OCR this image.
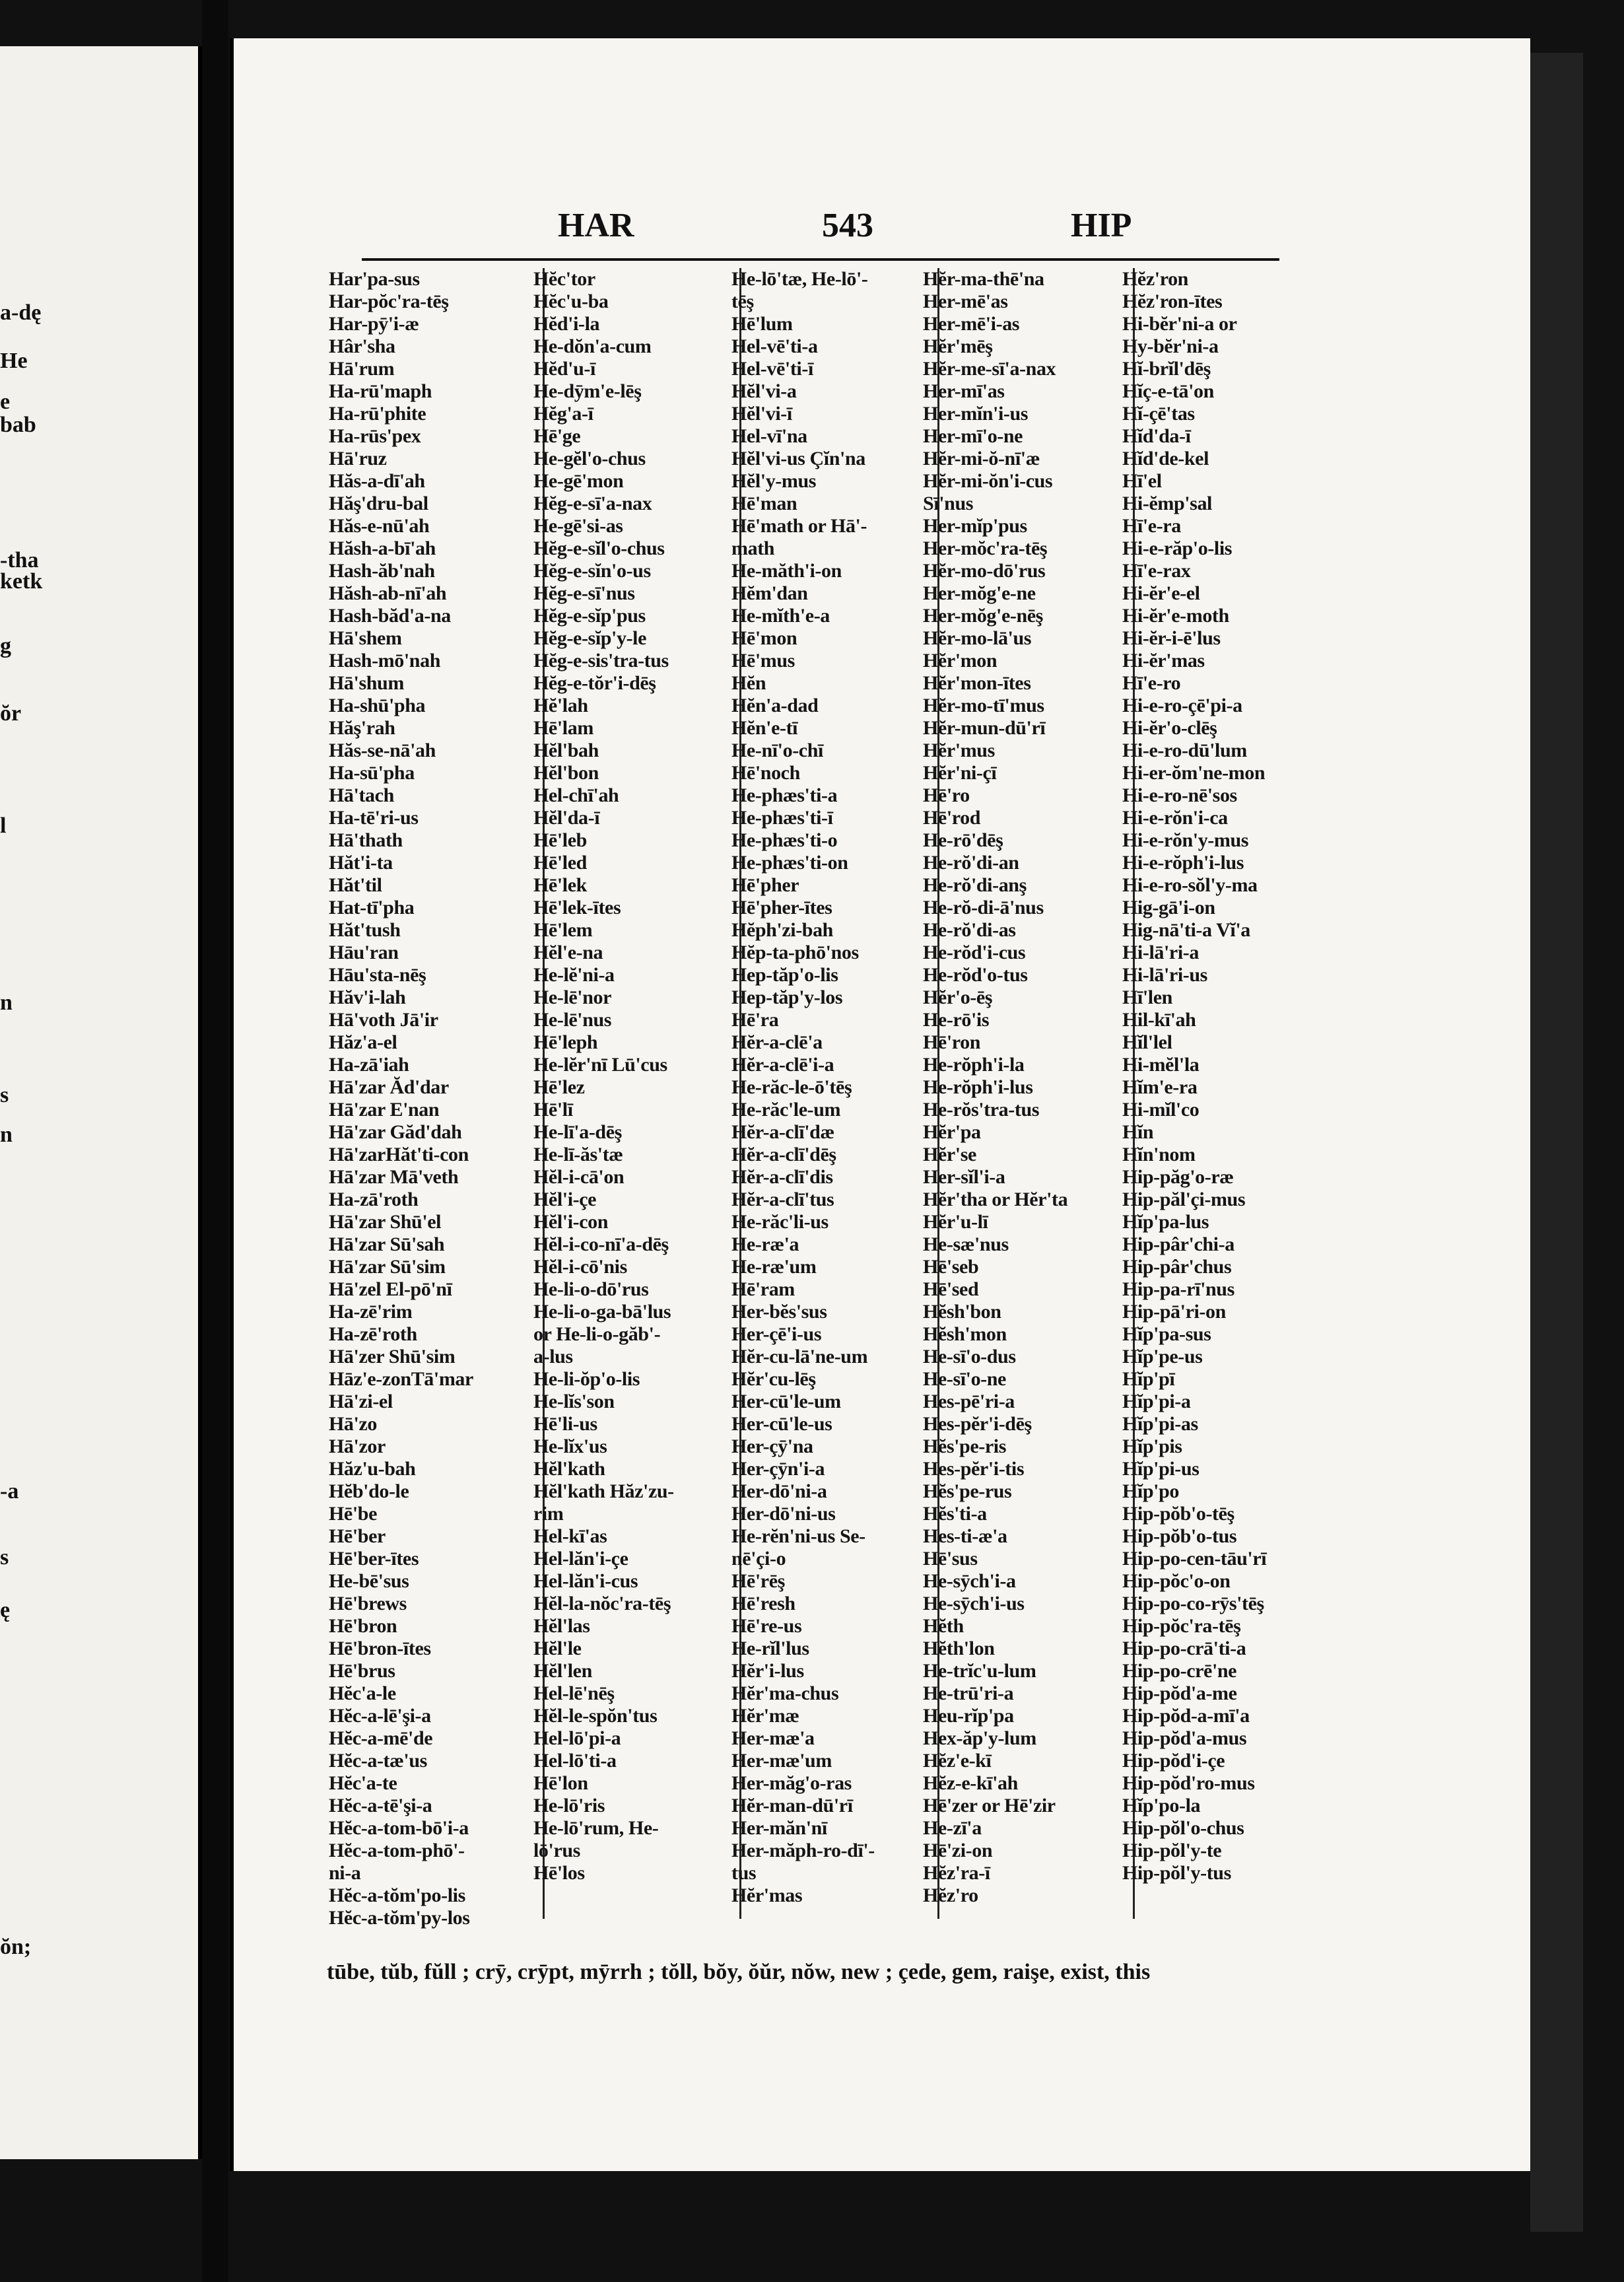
a-dę
He
e
bab
-tha
ketk
g
ŏr
l
n
s
n
-a
s
ę
ŏn;
HAR	543	HIP
Har'pa-sus
Har-pŏc'ra-tēş
Har-pȳ'i-æ
Hâr'sha
Hā'rum
Ha-rū'maph
Ha-rū'phite
Ha-rūs'pex
Hā'ruz
Hăs-a-dī'ah
Hăş'dru-bal
Hăs-e-nū'ah
Hăsh-a-bī'ah
Hash-ăb'nah
Hăsh-ab-nī'ah
Hash-băd'a-na
Hā'shem
Hash-mō'nah
Hā'shum
Ha-shū'pha
Hăş'rah
Hăs-se-nā'ah
Ha-sū'pha
Hā'tach
Ha-tē'ri-us
Hā'thath
Hăt'i-ta
Hăt'til
Hat-tī'pha
Hăt'tush
Hāu'ran
Hāu'sta-nēş
Hăv'i-lah
Hā'voth Jā'ir
Hăz'a-el
Ha-zā'iah
Hā'zar Ăd'dar
Hā'zar E'nan
Hā'zar Găd'dah
Hā'zarHăt'ti-con
Hā'zar Mā'veth
Ha-zā'roth
Hā'zar Shū'el
Hā'zar Sū'sah
Hā'zar Sū'sim
Hā'zel El-pō'nī
Ha-zē'rim
Ha-zē'roth
Hā'zer Shū'sim
Hāz'e-zonTā'mar
Hā'zi-el
Hā'zo
Hā'zor
Hăz'u-bah
Hĕb'do-le
Hē'be
Hē'ber
Hē'ber-ītes
He-bē'sus
Hē'brews
Hē'bron
Hē'bron-ītes
Hē'brus
Hĕc'a-le
Hĕc-a-lē'şi-a
Hĕc-a-mē'de
Hĕc-a-tæ'us
Hĕc'a-te
Hĕc-a-tē'şi-a
Hĕc-a-tom-bō'i-a
Hĕc-a-tom-phō'-
ni-a
Hĕc-a-tŏm'po-lis
Hĕc-a-tŏm'py-los
Hĕc'tor
Hĕc'u-ba
Hĕd'i-la
He-dŏn'a-cum
Hĕd'u-ī
He-dȳm'e-lēş
Hĕg'a-ī
Hē'ge
He-gĕl'o-chus
He-gē'mon
Hĕg-e-sī'a-nax
He-gē'si-as
Hĕg-e-sĭl'o-chus
Hĕg-e-sĭn'o-us
Hĕg-e-sī'nus
Hĕg-e-sĭp'pus
Hĕg-e-sĭp'y-le
Hĕg-e-sis'tra-tus
Hĕg-e-tŏr'i-dēş
Hĕ'lah
Hē'lam
Hĕl'bah
Hĕl'bon
Hel-chī'ah
Hĕl'da-ī
Hē'leb
Hē'led
Hē'lek
Hē'lek-ītes
Hē'lem
Hĕl'e-na
He-lĕ'ni-a
He-lē'nor
He-lē'nus
Hē'leph
He-lĕr'nī Lū'cus
Hē'lez
Hē'lī
He-lī'a-dēş
He-lī-ăs'tæ
Hĕl-i-cā'on
Hĕl'i-çe
Hĕl'i-con
Hĕl-i-co-nī'a-dēş
Hĕl-i-cō'nis
He-li-o-dō'rus
He-li-o-ga-bā'lus
or He-li-o-găb'-
a-lus
He-li-ŏp'o-lis
He-lĭs'son
Hē'li-us
He-lĭx'us
Hĕl'kath
Hĕl'kath Hăz'zu-
rim
Hel-kī'as
Hel-lăn'i-çe
Hel-lăn'i-cus
Hĕl-la-nŏc'ra-tēş
Hĕl'las
Hĕl'le
Hĕl'len
Hel-lē'nēş
Hĕl-le-spŏn'tus
Hel-lō'pi-a
Hel-lō'ti-a
Hē'lon
He-lō'ris
He-lō'rum, He-
lō'rus
Hē'los
He-lō'tæ, He-lō'-
tēş
Hē'lum
Hel-vē'ti-a
Hel-vē'ti-ī
Hĕl'vi-a
Hĕl'vi-ī
Hel-vī'na
Hĕl'vi-us Çĭn'na
Hĕl'y-mus
Hē'man
Hē'math or Hā'-
math
He-măth'i-on
Hĕm'dan
He-mĭth'e-a
Hē'mon
Hē'mus
Hĕn
Hĕn'a-dad
Hĕn'e-tī
He-nī'o-chī
Hē'noch
He-phæs'ti-a
He-phæs'ti-ī
He-phæs'ti-o
He-phæs'ti-on
Hē'pher
Hē'pher-ītes
Hĕph'zi-bah
Hĕp-ta-phō'nos
Hep-tăp'o-lis
Hep-tăp'y-los
Hē'ra
Hĕr-a-clē'a
Hĕr-a-clē'i-a
He-răc-le-ō'tēş
He-răc'le-um
Hĕr-a-clī'dæ
Hĕr-a-clī'dēş
Hĕr-a-clī'dis
Hĕr-a-clī'tus
He-răc'li-us
He-ræ'a
He-ræ'um
Hē'ram
Her-bĕs'sus
Her-çē'i-us
Hĕr-cu-lā'ne-um
Hĕr'cu-lēş
Her-cū'le-um
Her-cū'le-us
Her-çȳ'na
Her-çȳn'i-a
Her-dō'ni-a
Her-dō'ni-us
He-rĕn'ni-us Se-
nē'çi-o
Hē'rēş
Hē'resh
Hē're-us
He-rĭl'lus
Hĕr'i-lus
Hĕr'ma-chus
Hĕr'mæ
Her-mæ'a
Her-mæ'um
Her-măg'o-ras
Hĕr-man-dū'rī
Her-măn'nī
Her-măph-ro-dī'-
tus
Hĕr'mas
Hĕr-ma-thē'na
Her-mē'as
Her-mē'i-as
Hĕr'mēş
Hĕr-me-sī'a-nax
Her-mī'as
Her-mĭn'i-us
Her-mī'o-ne
Hĕr-mi-ŏ-nī'æ
Hĕr-mi-ŏn'i-cus
Sī'nus
Her-mĭp'pus
Her-mŏc'ra-tēş
Hĕr-mo-dō'rus
Her-mŏg'e-ne
Her-mŏg'e-nēş
Hĕr-mo-lā'us
Hĕr'mon
Hĕr'mon-ītes
Hĕr-mo-tī'mus
Hĕr-mun-dū'rī
Hĕr'mus
Hĕr'ni-çī
Hē'ro
Hē'rod
He-rō'dēş
He-rŏ'di-an
He-rŏ'di-anş
He-rŏ-di-ā'nus
He-rŏ'di-as
He-rŏd'i-cus
He-rŏd'o-tus
Hĕr'o-ēş
He-rō'is
Hē'ron
He-rŏph'i-la
He-rŏph'i-lus
He-rŏs'tra-tus
Hĕr'pa
Hĕr'se
Her-sĭl'i-a
Hĕr'tha or Hĕr'ta
Hĕr'u-lī
He-sæ'nus
Hē'seb
Hē'sed
Hĕsh'bon
Hĕsh'mon
He-sī'o-dus
He-sī'o-ne
Hes-pē'ri-a
Hes-pĕr'i-dēş
Hĕs'pe-ris
Hes-pĕr'i-tis
Hĕs'pe-rus
Hĕs'ti-a
Hes-ti-æ'a
Hē'sus
He-sȳch'i-a
He-sȳch'i-us
Hĕth
Hĕth'lon
He-trĭc'u-lum
He-trū'ri-a
Heu-rĭp'pa
Hex-ăp'y-lum
Hĕz'e-kī
Hĕz-e-kī'ah
Hē'zer or Hē'zir
He-zī'a
Hē'zi-on
Hĕz'ra-ī
Hĕz'ro
Hĕz'ron
Hĕz'ron-ītes
Hi-bĕr'ni-a or
Hy-bĕr'ni-a
Hĭ-brĭl'dēş
Hĭç-e-tā'on
Hĭ-çē'tas
Hĭd'da-ī
Hĭd'de-kel
Hī'el
Hi-ĕmp'sal
Hī'e-ra
Hi-e-răp'o-lis
Hī'e-rax
Hi-ĕr'e-el
Hi-ĕr'e-moth
Hi-ĕr-i-ē'lus
Hi-ĕr'mas
Hī'e-ro
Hi-e-ro-çē'pi-a
Hi-ĕr'o-clēş
Hi-e-ro-dū'lum
Hi-er-ŏm'ne-mon
Hi-e-ro-nē'sos
Hi-e-rŏn'i-ca
Hi-e-rŏn'y-mus
Hi-e-rŏph'i-lus
Hi-e-ro-sŏl'y-ma
Hig-gā'i-on
Hig-nā'ti-a Vĭ'a
Hi-lā'ri-a
Hi-lā'ri-us
Hī'len
Hil-kī'ah
Hĭl'lel
Hi-mĕl'la
Hĭm'e-ra
Hi-mĭl'co
Hĭn
Hĭn'nom
Hip-păg'o-ræ
Hip-păl'çi-mus
Hĭp'pa-lus
Hip-pâr'chi-a
Hip-pâr'chus
Hip-pa-rī'nus
Hip-pā'ri-on
Hĭp'pa-sus
Hĭp'pe-us
Hĭp'pī
Hĭp'pi-a
Hĭp'pi-as
Hĭp'pis
Hĭp'pi-us
Hĭp'po
Hip-pŏb'o-tēş
Hip-pŏb'o-tus
Hip-po-cen-tāu'rī
Hip-pŏc'o-on
Hip-po-co-rȳs'tēş
Hip-pŏc'ra-tēş
Hip-po-crā'ti-a
Hip-po-crē'ne
Hip-pŏd'a-me
Hip-pŏd-a-mī'a
Hip-pŏd'a-mus
Hip-pŏd'i-çe
Hip-pŏd'ro-mus
Hĭp'po-la
Hip-pŏl'o-chus
Hip-pŏl'y-te
Hip-pŏl'y-tus
tūbe, tŭb, fŭll ; crȳ, crȳpt, mȳrrh ; tŏll, bŏy, ŏŭr, nŏw, new ; çede, gem, raişe, exist, this
